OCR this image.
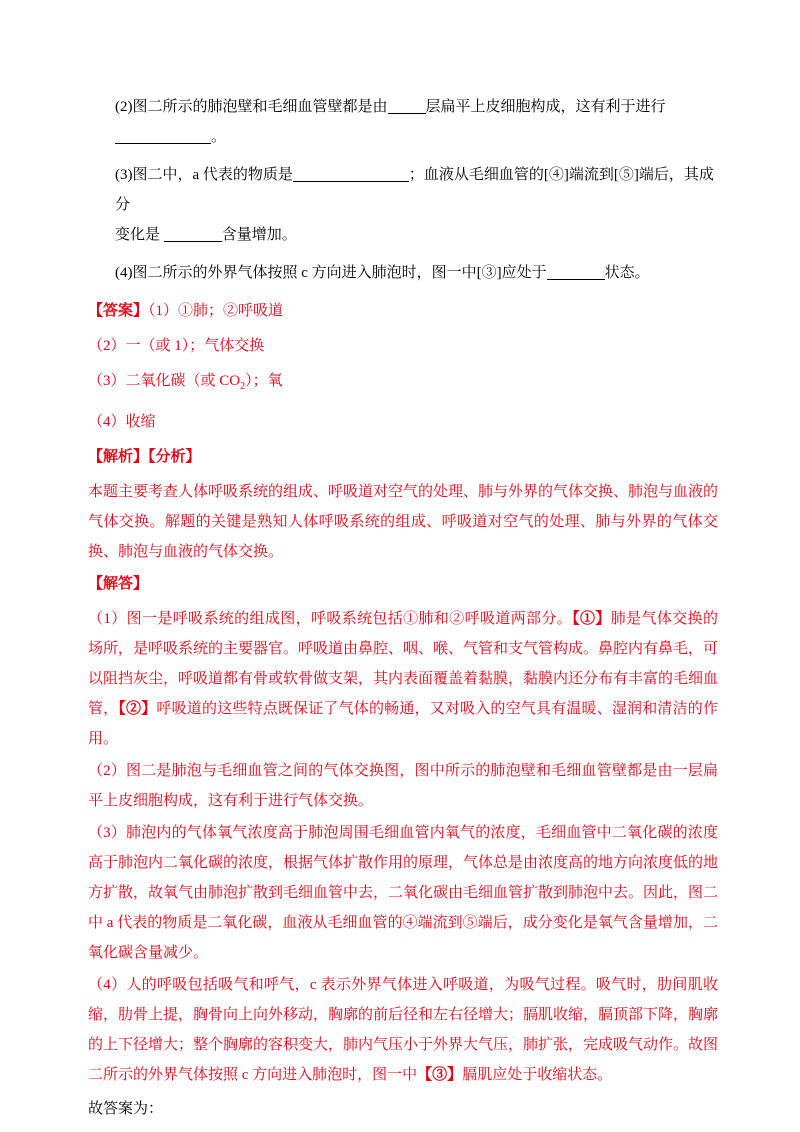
(2)图二所示的肺泡壁和毛细血管壁都是由	层扁平上皮细胞构成，这有利于进行
。

(3)图二中，a 代表的物质是	；血液从毛细血管的[④]端流到[⑤]端后，其成分
变化是	含量增加。

(4)图二所示的外界气体按照 c 方向进入肺泡时，图一中[③]应处于	状态。

【答案】（1）①肺；②呼吸道
（2）一（或 1）；气体交换
（3）二氧化碳（或 $CO_2$）；氧
（4）收缩
【解析】【分析】
本题主要考查人体呼吸系统的组成、呼吸道对空气的处理、肺与外界的气体交换、肺泡与血液的气体交换。解题的关键是熟知人体呼吸系统的组成、呼吸道对空气的处理、肺与外界的气体交换、肺泡与血液的气体交换。
【解答】
（1）图一是呼吸系统的组成图，呼吸系统包括①肺和②呼吸道两部分。【①】肺是气体交换的场所，是呼吸系统的主要器官。呼吸道由鼻腔、咽、喉、气管和支气管构成。鼻腔内有鼻毛，可以阻挡灰尘，呼吸道都有骨或软骨做支架，其内表面覆盖着黏膜，黏膜内还分布有丰富的毛细血管，【②】呼吸道的这些特点既保证了气体的畅通，又对吸入的空气具有温暖、湿润和清洁的作用。
（2）图二是肺泡与毛细血管之间的气体交换图，图中所示的肺泡壁和毛细血管壁都是由一层扁平上皮细胞构成，这有利于进行气体交换。
（3）肺泡内的气体氧气浓度高于肺泡周围毛细血管内氧气的浓度，毛细血管中二氧化碳的浓度高于肺泡内二氧化碳的浓度，根据气体扩散作用的原理，气体总是由浓度高的地方向浓度低的地方扩散，故氧气由肺泡扩散到毛细血管中去，二氧化碳由毛细血管扩散到肺泡中去。因此，图二中 a 代表的物质是二氧化碳，血液从毛细血管的④端流到⑤端后，成分变化是氧气含量增加，二氧化碳含量减少。
（4）人的呼吸包括吸气和呼气，c 表示外界气体进入呼吸道，为吸气过程。吸气时，肋间肌收缩，肋骨上提，胸骨向上向外移动，胸廓的前后径和左右径增大；膈肌收缩，膈顶部下降，胸廓的上下径增大；整个胸廓的容积变大，肺内气压小于外界大气压，肺扩张，完成吸气动作。故图二所示的外界气体按照 c 方向进入肺泡时，图一中【③】膈肌应处于收缩状态。
故答案为：
